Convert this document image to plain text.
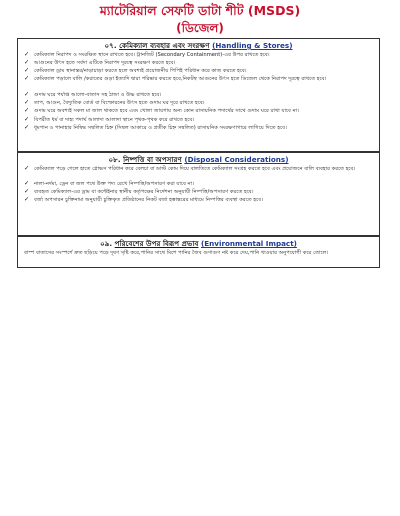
ম্যাটেরিয়াল সেফটি ডাটা শীট (MSDS)
(ডিজেল)
০৭. কেমিক্যাল ব্যবহার এবং সংরক্ষণ (Handling & Stores)
✓ কেমিক্যাল নিরাপদ ও সংরক্ষিত স্থানে রাখতে হবে। ট্রানজিট (Secondary Containment)-এর উপর রাখতে হবে।
✓ আগুনের উৎস হতে সর্বদা এটিকে নিরাপদ দূরত্বে সংরক্ষণ করতে হবে।
✓ কেমিক্যাল ড্রাম স্থানান্তর/নাড়াচাড়া করতে হলে অবশ্যই প্রয়োজনীয় পিপিই পরিধান করে কাজ করতে হবে।
✓ কেমিক্যাল পড়ালে বালি /করাতের গুড়া ইত্যাদি দ্বারা পরিষ্কার করতে হবে,নিকটস্থ আগুনের উৎস হতে ডিজেল থেকে নিরাপদ দূরত্বে রাখতে হবে।
✓ গুদাম ঘরে পর্যাপ্ত আলো-বাতাস সহ ঠান্ডা ও উষ্ণ রাখতে হবে।
✓ তাপ, আগুন, বৈদ্যুতিক বোর্ড বা বিস্ফোরনের উৎস হতে গুদাম ঘর দূরে রাখতে হবে।
✓ গুদাম ঘরে অবশ্যই সকল মা জাল থাকতে হবে এবং খোলা জায়গায় অন্য কোন রাসায়নিক পদার্থের সাথে গুদাম ঘরে রাখা যাবে না।
✓ বিপরীত ধর্ম বা দাহ্য পদার্থ আলাদা আলাদা স্থানে পৃথক-পৃথক করে রাখতে হবে।
✓ ধূমপান ও পানাহার নিষিদ্ধ সম্বলিত চিহ্ন (সিম্বল আকারে ও প্রতীক চিহ্ন সম্বলিত) রাসায়নিক সংরক্ষণাগারে লাগিয়ে দিতে হবে।
০৮. নিষ্পত্তি বা অপসারণ (Disposal Considerations)
✓ কেমিক্যাল পড়ে গেলে হাতে গ্লোভস পরিধান করে বেলচা বা ডাস্ট কোম দিয়ে বালতিতে কেমিক্যাল সংগ্রহ করতে হবে এবং প্রয়োজনে বালি ব্যবহার করতে হবে।
✓ নালা-নর্দমা, ড্রেন বা জল পথে উক্ত পদ্য রেখে নিষ্পত্তি/অপসারণ করা যাবে না।
✓ ব্যবহৃত কেমিক্যাল-এর ড্রাম বা কন্টেইনার স্থানীয় কর্তৃপক্ষের নির্দেশনা অনুযায়ী নিষ্পত্তি/অপসারণ করতে হবে।
✓ বর্জ্য অপসারন চুক্তিনামা অনুযায়ী চুক্তিকৃত প্রতিষ্ঠানের নিকট বর্জ্য হস্তান্তরের মাধ্যমে নিষ্পত্তির ব্যবস্থা করতে হবে।
০৯. পরিবেশের উপর বিরূপ প্রভাব (Environmental Impact)
বাস্প বাতাসের সংস্পর্শে দ্রুত ছড়িয়ে পড়ে দূষণ সৃষ্টি করে,পানির সাথে মিশে পানির জৈব গুণাগুণ নষ্ট করে দেয়,পানি খাওয়ার অনুপযোগী করে তোলে।
